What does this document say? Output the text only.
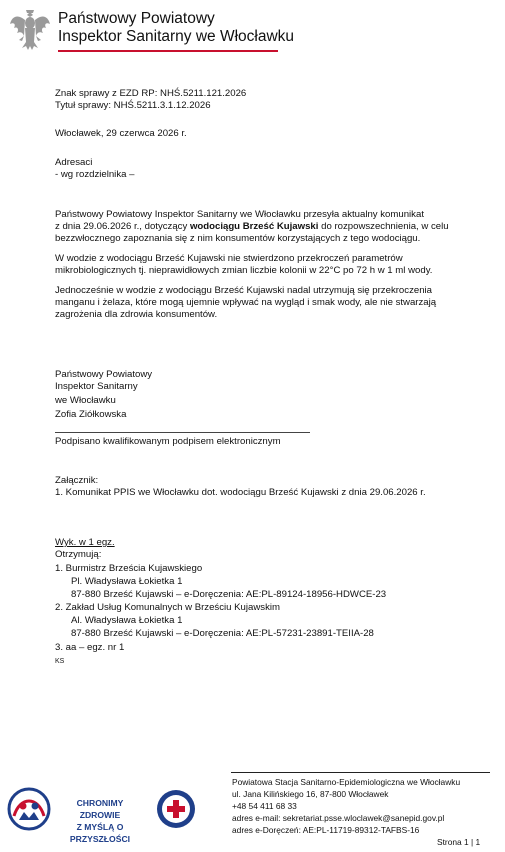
Państwowy Powiatowy
Inspektor Sanitarny we Włocławku
Znak sprawy z EZD RP: NHŚ.5211.121.2026
Tytuł sprawy: NHŚ.5211.3.1.12.2026
Włocławek, 29 czerwca 2026 r.
Adresaci
- wg rozdzielnika –
Państwowy Powiatowy Inspektor Sanitarny we Włocławku przesyła aktualny komunikat
z dnia 29.06.2026 r., dotyczący wodociągu Brześć Kujawski do rozpowszechnienia, w celu
bezzwłocznego zapoznania się z nim konsumentów korzystających z tego wodociągu.
W wodzie z wodociągu Brześć Kujawski nie stwierdzono przekroczeń parametrów
mikrobiologicznych tj. nieprawidłowych zmian liczbie kolonii w 22°C po 72 h w 1 ml wody.
Jednocześnie w wodzie z wodociągu Brześć Kujawski nadal utrzymują się przekroczenia
manganu i żelaza, które mogą ujemnie wpływać na wygląd i smak wody, ale nie stwarzają
zagrożenia dla zdrowia konsumentów.
Państwowy Powiatowy
Inspektor Sanitarny
we Włocławku
Zofia Ziółkowska
Podpisano kwalifikowanym podpisem elektronicznym
Załącznik:
1. Komunikat PPIS we Włocławku dot. wodociągu Brześć Kujawski z dnia 29.06.2026 r.
Wyk. w 1 egz.
Otrzymują:
1. Burmistrz Brześcia Kujawskiego
Pl. Władysława Łokietka 1
87-880 Brześć Kujawski – e-Doręczenia: AE:PL-89124-18956-HDWCE-23
2. Zakład Usług Komunalnych w Brześciu Kujawskim
Al. Władysława Łokietka 1
87-880 Brześć Kujawski – e-Doręczenia: AE:PL-57231-23891-TEIIA-28
3. aa – egz. nr 1
KS
CHRONIMY ZDROWIE
Z MYŚLĄ O PRZYSZŁOŚCI
Powiatowa Stacja Sanitarno-Epidemiologiczna we Włocławku
ul. Jana Kilińskiego 16, 87-800 Włocławek
+48 54 411 68 33
adres e-mail: sekretariat.psse.wloclawek@sanepid.gov.pl
adres e-Doręczeń: AE:PL-11719-89312-TAFBS-16
Strona 1 | 1
